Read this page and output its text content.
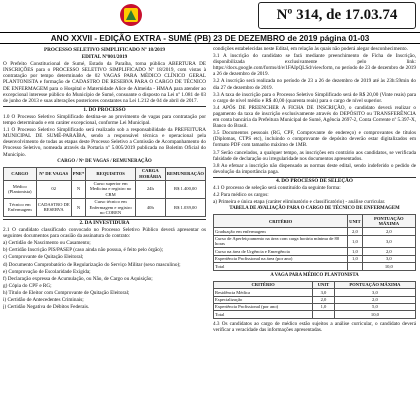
Nº 314, de 17.03.74
ANO XXVII - EDIÇÃO EXTRA - SUMÉ (PB) 23 DE DEZEMBRO de 2019 página 01-03
PROCESSO SELETIVO SIMPLIFICADO Nº 18/2019
EDITAL Nº001/2019

O Prefeito Constitucional de Sumé, Estado da Paraíba, torna pública ABERTURA DE INSCRIÇÕES para o PROCESSO SELETIVO SIMPLIFICADO Nº 18/2019, com vistas à contratação por tempo determinado de 02 VAGAS PARA MÉDICO CLÍNICO GERAL PLANTONISTA e formação de CADASTRO DE RESERVA PARA O CARGO DE TÉCNICO DE ENFERMAGEM para o Hospital e Maternidade Alice de Almeida - HMAA para atender ao excepcional interesse público do Município de Sumé, consoante o disposto na Lei nº 1.081 de 03 de junho de 2013 e suas alterações posteriores constantes na Lei 1.212 de 04 de abril de 2017.

1. DO PROCESSO

1.0 O Processo Seletivo Simplificado destina-se ao provimento de vagas para contratação por tempo determinado e em caráter excepcional, conforme Lei Municipal.

1.1 O Processo Seletivo Simplificado será realizado sob a responsabilidade da PREFEITURA MUNICIPAL DE SUMÉ-PARAÍBA, sendo a responsável técnica e operacional pela desenvolvimento de todas as etapas deste Processo Seletivo a Comissão de Acompanhamento do Processo Seletivo, nomeada através da Portaria nº 5.005/2019 publicada no Boletim Oficial do Município.

CARGO / Nº DE VAGAS / REMUNERAÇÃO
CARGO	Nº DE VAGAS	PNE*	REQUISITOS	CARGA HORÁRIA	REMUNERAÇÃO
Médico (Plantonista)	02	N	Curso superior em Medicina e registro no CRM	24h	R$ 1.400,00
Técnico em Enfermagem	CADASTRO DE RESERVA	N	Curso técnico em Enfermagem e registro no COREN	40h	R$ 1.039,00
2. DA INVESTIDURA

2.1 O candidato classificado convocado no Processo Seletivo Público deverá apresentar os seguintes documentos para ocasião da assinatura do contrato:

a) Certidão de Nascimento ou Casamento;

b) Certidão Inscrição PIS/PASEP (caso ainda não possua, é feito pelo órgão);

c) Comprovante de Quitação Eleitoral;

d) Documento Comprobatório de Regularização do Serviço Militar (sexo masculino);

e) Comprovação de Escolaridade Exigida;

f) Declaração expressa de Acumulação, ou Não, de Cargo ou Aquisição;

g) Cópia do CPF e RG;

h) Título de Eleitor com Comprovante de Quitação Eleitoral;

i) Certidão de Antecedentes Criminais;

j) Certidão Negativa de Débitos Federais.

condições estabelecidas neste Edital, em relação às quais não poderá alegar desconhecimento.

3.1 A inscrição do candidato se fará mediante preenchimento de Ficha de Inscrição, disponibilizada exclusivamente pelo link: https://docs.google.com/forms/d/e/1FAIpQLSd/viewform, no período de 23 de dezembro de 2019 a 26 de dezembro de 2019.

3.2 A inscrição será realizada no período de 23 a 26 de dezembro de 2019 até às 23h:59min do dia 27 de dezembro de 2019.

3.3 A taxa de inscrição para o Processo Seletivo Simplificado será de R$ 20,00 (Vinte reais) para o cargo de nível médio e R$ 40,00 (quarenta reais) para o cargo de nível superior.

3.4 APÓS DE PREENCHER A FICHA DE INSCRIÇÃO, o candidato deverá realizar o pagamento da taxa de inscrição exclusivamente através do DEPÓSITO ou TRANSFERÊNCIA em conta bancária da Prefeitura Municipal de Sumé, Agência 2697-2, Conta Corrente nº 5.397-X, Banco do Brasil.

3.5 Documentos pessoais (RG, CPF, Comprovante de endereço) e comprovantes de títulos (Diplomas, CTPS etc), incluindo o comprovante de depósito deverão estar digitalizados em formato PDF com tamanho máximo de 1MB.

3.7 Serão cancelados, a qualquer tempo, as inscrições em contrário aos candidatos, se verificada falsidade de declaração ou irregularidade nos documentos apresentados.

3.8 Ao efetuar a inscrição não dispensado as normas deste edital, sendo indeferido o pedido de devolução da importância paga.

4. DO PROCESSO DE SELEÇÃO

4.1 O processo de seleção será constituído da seguinte forma:

4.2 Para médico os cargos:

a) Primeira e única etapa (caráter eliminatório e classificatório) - análise curricular.

TABELA DE AVALIAÇÃO PARA O CARGO DE TÉCNICO DE ENFERMAGEM
CRITÉRIO	UNIT	PONTUAÇÃO MÁXIMA
Graduação em enfermagem	2,0	2,0
Curso de Aperfeiçoamento na área com carga horária mínima de 80 horas	1,0	3,0
Curso na área de Urgência e Emergência	1,0	2,0
Experiência Profissional na área (por ano)	1,0	3,0
Total		10,0
A VAGA PARA MÉDICO PLANTONISTA
CRITÉRIO	UNIT	PONTUAÇÃO MÁXIMA
Residência Médica	3,0	3,0
Especialização	2,0	2,0
Experiência Profissional (por ano)	1,0	5,0
Total		10,0

4.3 Os candidatos ao cargo de médico estão sujeitos a análise curricular, o candidato deverá verificar a veracidade das informações apresentadas.
